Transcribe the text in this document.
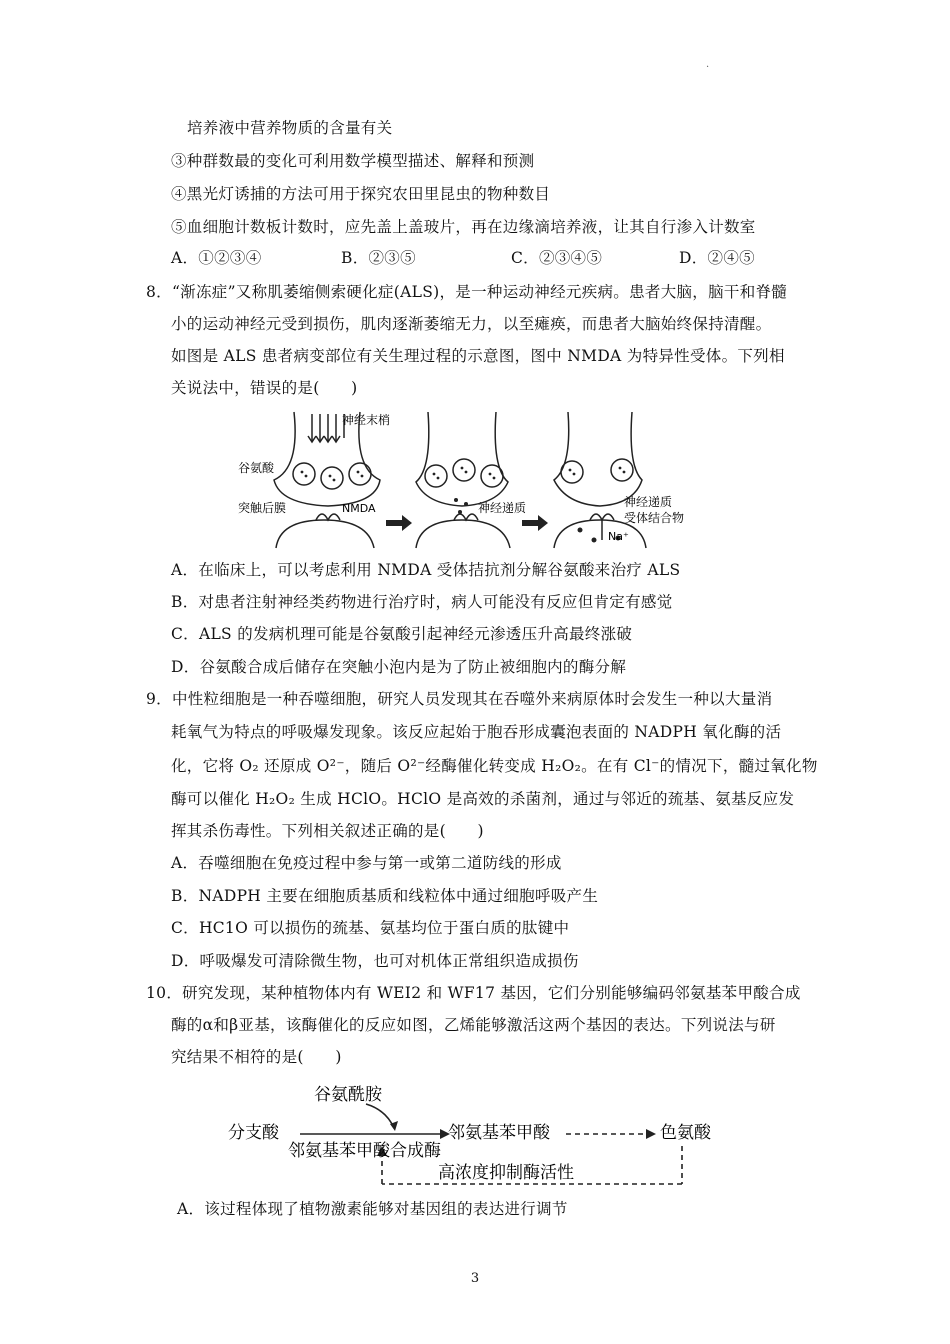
·
培养液中营养物质的含量有关
③种群数最的变化可利用数学模型描述、解释和预测
④黑光灯诱捕的方法可用于探究农田里昆虫的物种数目
⑤血细胞计数板计数时，应先盖上盖玻片，再在边缘滴培养液，让其自行渗入计数室
A．①②③④	B．②③⑤	C．②③④⑤	D．②④⑤
8．“渐冻症”又称肌萎缩侧索硬化症(ALS)，是一种运动神经元疾病。患者大脑，脑干和脊髓
小的运动神经元受到损伤，肌肉逐渐萎缩无力，以至瘫痪，而患者大脑始终保持清醒。
如图是 ALS 患者病变部位有关生理过程的示意图，图中 NMDA 为特异性受体。下列相
关说法中，错误的是(　　)
神经末梢
谷氨酸
突触后膜	NMDA	神经递质	神经递质
受体结合物
Na⁺
A．在临床上，可以考虑利用 NMDA 受体拮抗剂分解谷氨酸来治疗 ALS
B．对患者注射神经类药物进行治疗时，病人可能没有反应但肯定有感觉
C．ALS 的发病机理可能是谷氨酸引起神经元渗透压升高最终涨破
D．谷氨酸合成后储存在突触小泡内是为了防止被细胞内的酶分解
9．中性粒细胞是一种吞噬细胞，研究人员发现其在吞噬外来病原体时会发生一种以大量消
耗氧气为特点的呼吸爆发现象。该反应起始于胞吞形成囊泡表面的 NADPH 氧化酶的活
化，它将 O₂ 还原成 O²⁻，随后 O²⁻经酶催化转变成 H₂O₂。在有 Cl⁻的情况下，髓过氧化物
酶可以催化 H₂O₂ 生成 HClO。HClO 是高效的杀菌剂，通过与邻近的巯基、氨基反应发
挥其杀伤毒性。下列相关叙述正确的是(　　)
A．吞噬细胞在免疫过程中参与第一或第二道防线的形成
B．NADPH 主要在细胞质基质和线粒体中通过细胞呼吸产生
C．HC1O 可以损伤的巯基、氨基均位于蛋白质的肽键中
D．呼吸爆发可清除微生物，也可对机体正常组织造成损伤
10．研究发现，某种植物体内有 WEI2 和 WF17 基因，它们分别能够编码邻氨基苯甲酸合成
酶的α和β亚基，该酶催化的反应如图，乙烯能够激活这两个基因的表达。下列说法与研
究结果不相符的是(　　)
谷氨酰胺
分支酸	邻氨基苯甲酸	色氨酸
邻氨基苯甲酸合成酶
高浓度抑制酶活性
A．该过程体现了植物激素能够对基因组的表达进行调节
3
